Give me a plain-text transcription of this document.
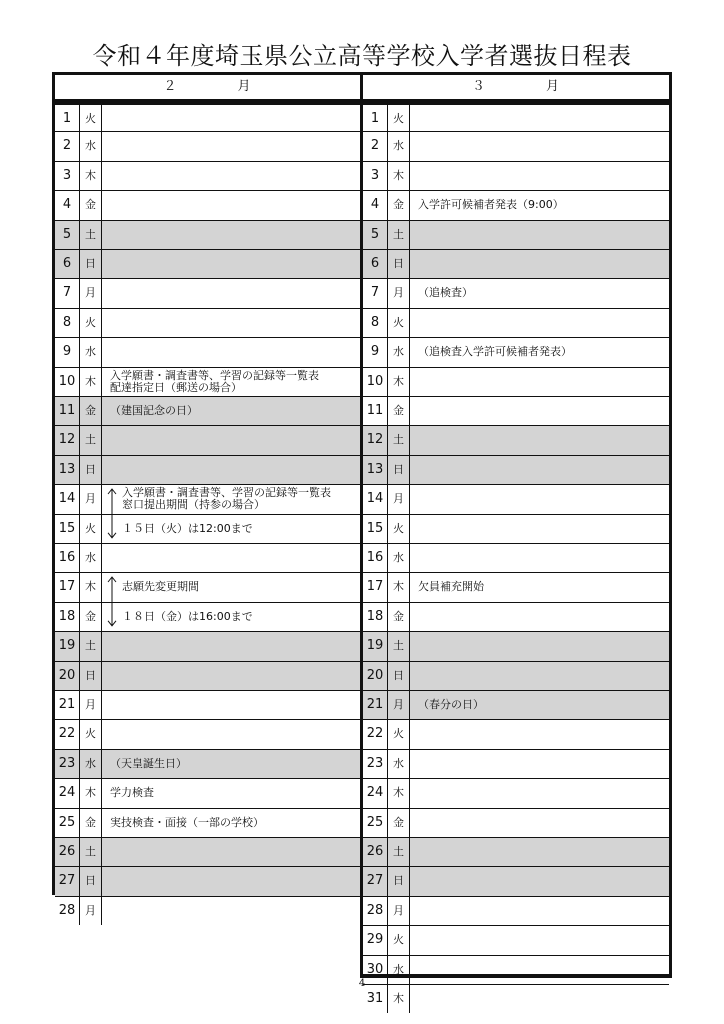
令和４年度埼玉県公立高等学校入学者選抜日程表
２	月
1	火
2	水
3	木
4	金
5	土
6	日
7	月
8	火
9	水
10 木	入学願書・調査書等、学習の記録等一覧表
配達指定日（郵送の場合）
11 金	（建国記念の日）
12 土
13 日
14 月	入学願書・調査書等、学習の記録等一覧表
窓口提出期間（持参の場合）
15 火	１５日（火）は12:00まで
16 水
17 木	志願先変更期間
18 金	１８日（金）は16:00まで
19 土
20 日
21 月
22 火
23 水	（天皇誕生日）
24 木	学力検査
25 金	実技検査・面接（一部の学校）
26 土
27 日
28 月
３	月
1	火
2	水
3	木
4	金	入学許可候補者発表（9:00）
5	土
6	日
7	月	（追検査）
8	火
9	水	（追検査入学許可候補者発表）
10 木
11 金
12 土
13 日
14 月
15 火
16 水
17 木	欠員補充開始
18 金
19 土
20 日
21 月	（春分の日）
22 火
23 水
24 木
25 金
26 土
27 日
28 月
29 火
30 水
31 木
4
